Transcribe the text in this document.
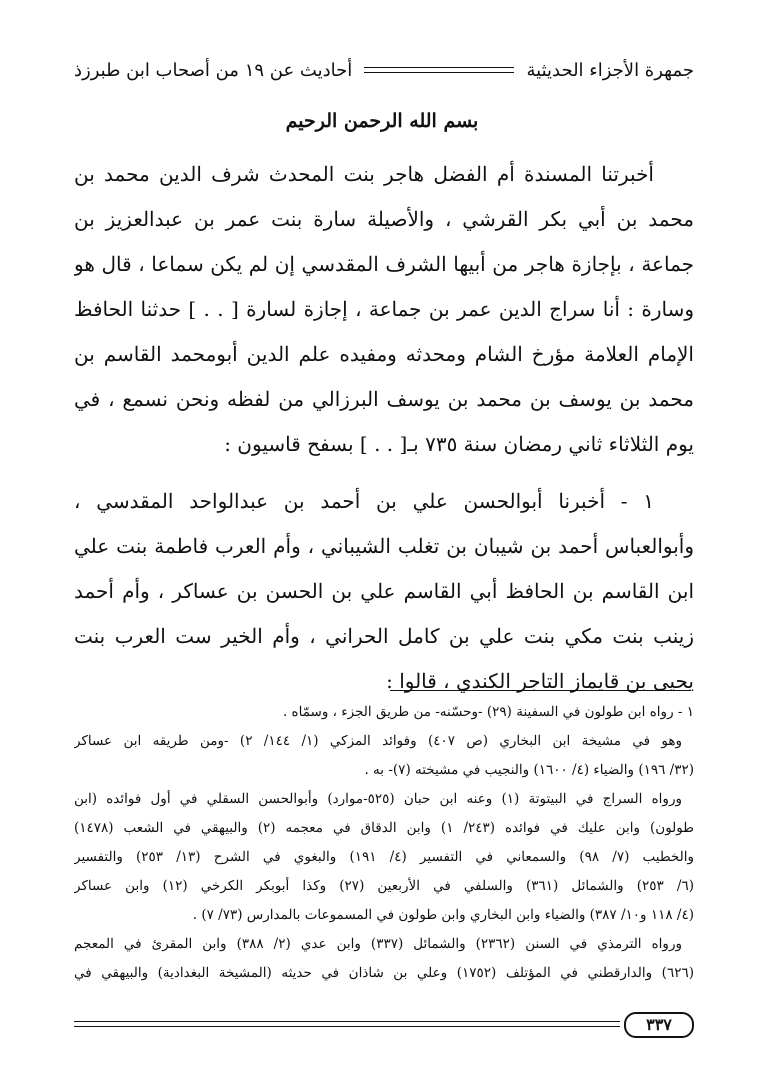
جمهرة الأجزاء الحديثية
أحاديث عن ١٩ من أصحاب ابن طبرزذ
بسم الله الرحمن الرحيم
أخبرتنا المسندة أم الفضل هاجر بنت المحدث شرف الدين محمد بن
محمد بن أبي بكر القرشي ، والأصيلة سارة بنت عمر بن عبدالعزيز بن
جماعة ، بإجازة هاجر من أبيها الشرف المقدسي إن لم يكن سماعا ، قال هو
وسارة : أنا سراج الدين عمر بن جماعة ، إجازة لسارة [ . . ] حدثنا الحافظ
الإمام العلامة مؤرخ الشام ومحدثه ومفيده علم الدين أبومحمد القاسم بن
محمد بن يوسف بن محمد بن يوسف البرزالي من لفظه ونحن نسمع ، في
يوم الثلاثاء ثاني رمضان سنة ٧٣٥ بـ[ . . ] بسفح قاسيون :
١ - أخبرنا أبوالحسن علي بن أحمد بن عبدالواحد المقدسي ،
وأبوالعباس أحمد بن شيبان بن تغلب الشيباني ، وأم العرب فاطمة بنت علي
ابن القاسم بن الحافظ أبي القاسم علي بن الحسن بن عساكر ، وأم أحمد
زينب بنت مكي بنت علي بن كامل الحراني ، وأم الخير ست العرب بنت
يحيى بن قايماز التاجر الكندي ، قالوا :
١ - رواه ابن طولون في السفينة (٢٩) -وحسّنه- من طريق الجزء ، وسمّاه .
وهو في مشيخة ابن البخاري (ص ٤٠٧) وفوائد المزكي (١/ ١٤٤/ ٢) -ومن طريقه ابن عساكر
(٣٢/ ١٩٦) والضياء (٤/ ١٦٠٠) والنجيب في مشيخته (٧)- به .
ورواه السراج في البيتوتة (١) وعنه ابن حبان (٥٢٥-موارد) وأبوالحسن السقلي في أول فوائده (ابن
طولون) وابن عليك في فوائده (٢٤٣/ ١) وابن الدقاق في معجمه (٢) والبيهقي في الشعب (١٤٧٨)
والخطيب (٧/ ٩٨) والسمعاني في التفسير (٤/ ١٩١) والبغوي في الشرح (١٣/ ٢٥٣) والتفسير
(٦/ ٢٥٣) والشمائل (٣٦١) والسلفي في الأربعين (٢٧) وكذا أبوبكر الكرخي (١٢) وابن عساكر
(٤/ ١١٨ و١٠/ ٣٨٧) والضياء وابن البخاري وابن طولون في المسموعات بالمدارس (٧٣/ ٧) .
ورواه الترمذي في السنن (٢٣٦٢) والشمائل (٣٣٧) وابن عدي (٢/ ٣٨٨) وابن المقرئ في المعجم
(٦٢٦) والدارقطني في المؤتلف (١٧٥٢) وعلي بن شاذان في حديثه (المشيخة البغدادية) والبيهقي في
٣٣٧
